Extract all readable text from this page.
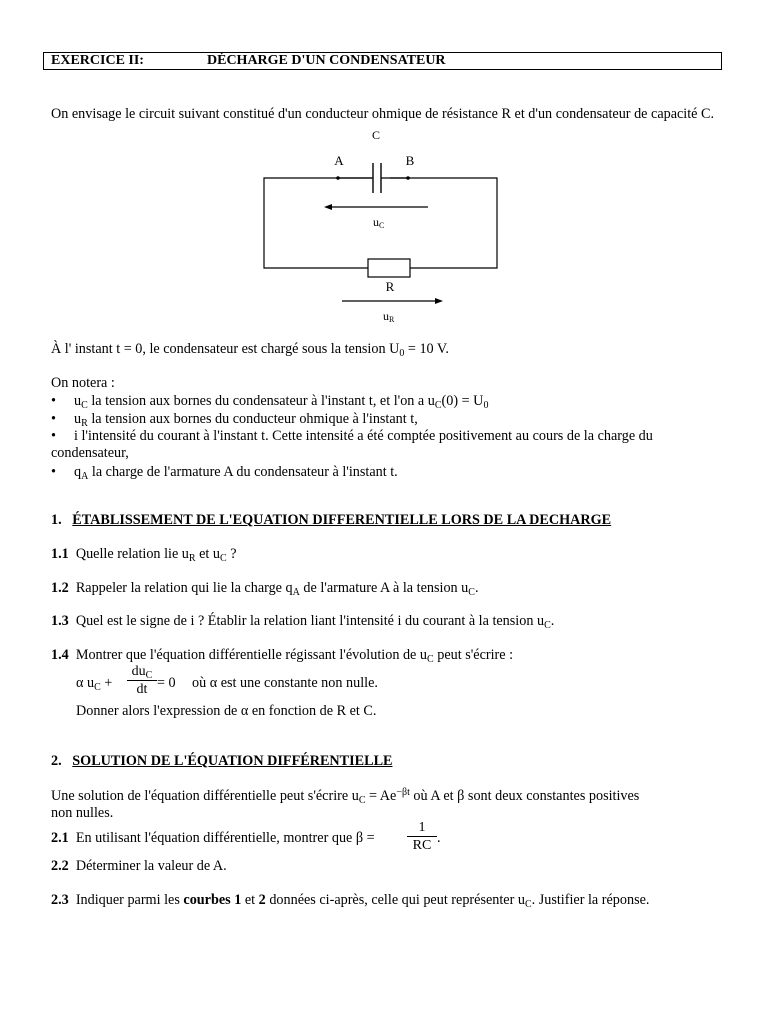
EXERCICE II:	DÉCHARGE D'UN CONDENSATEUR
On envisage le circuit suivant constitué d'un conducteur ohmique de résistance R et d'un condensateur de capacité C.
C
A	B
uC
R
uR
À l' instant t = 0, le condensateur est chargé sous la tension $U_0 = 10$ V.
On notera :
• $u_C$ la tension aux bornes du condensateur à l'instant t, et l'on a $u_C(0) = U_0$
• $u_R$ la tension aux bornes du conducteur ohmique à l'instant t,
• i l'intensité du courant à l'instant t. Cette intensité a été comptée positivement au cours de la charge du
condensateur,
• $q_A$ la charge de l'armature A du condensateur à l'instant t.
1. ÉTABLISSEMENT DE L'EQUATION DIFFERENTIELLE LORS DE LA DECHARGE
1.1 Quelle relation lie $u_R$ et $u_C$ ?
1.2 Rappeler la relation qui lie la charge $q_A$ de l'armature A à la tension $u_C$.
1.3 Quel est le signe de i ? Établir la relation liant l'intensité i du courant à la tension $u_C$.
1.4 Montrer que l'équation différentielle régissant l'évolution de $u_C$ peut s'écrire :
α $u_C$ +
$du_C$
dt = 0 où α est une constante non nulle.
Donner alors l'expression de α en fonction de R et C.
2. SOLUTION DE L'ÉQUATION DIFFÉRENTIELLE
Une solution de l'équation différentielle peut s'écrire $u_C = Ae^{-\beta t}$ où A et β sont deux constantes positives
non nulles.
2.1 En utilisant l'équation différentielle, montrer que $\beta = \frac{1}{RC}$ .
2.2 Déterminer la valeur de A.
2.3 Indiquer parmi les courbes 1 et 2 données ci-après, celle qui peut représenter $u_C$. Justifier la réponse.
